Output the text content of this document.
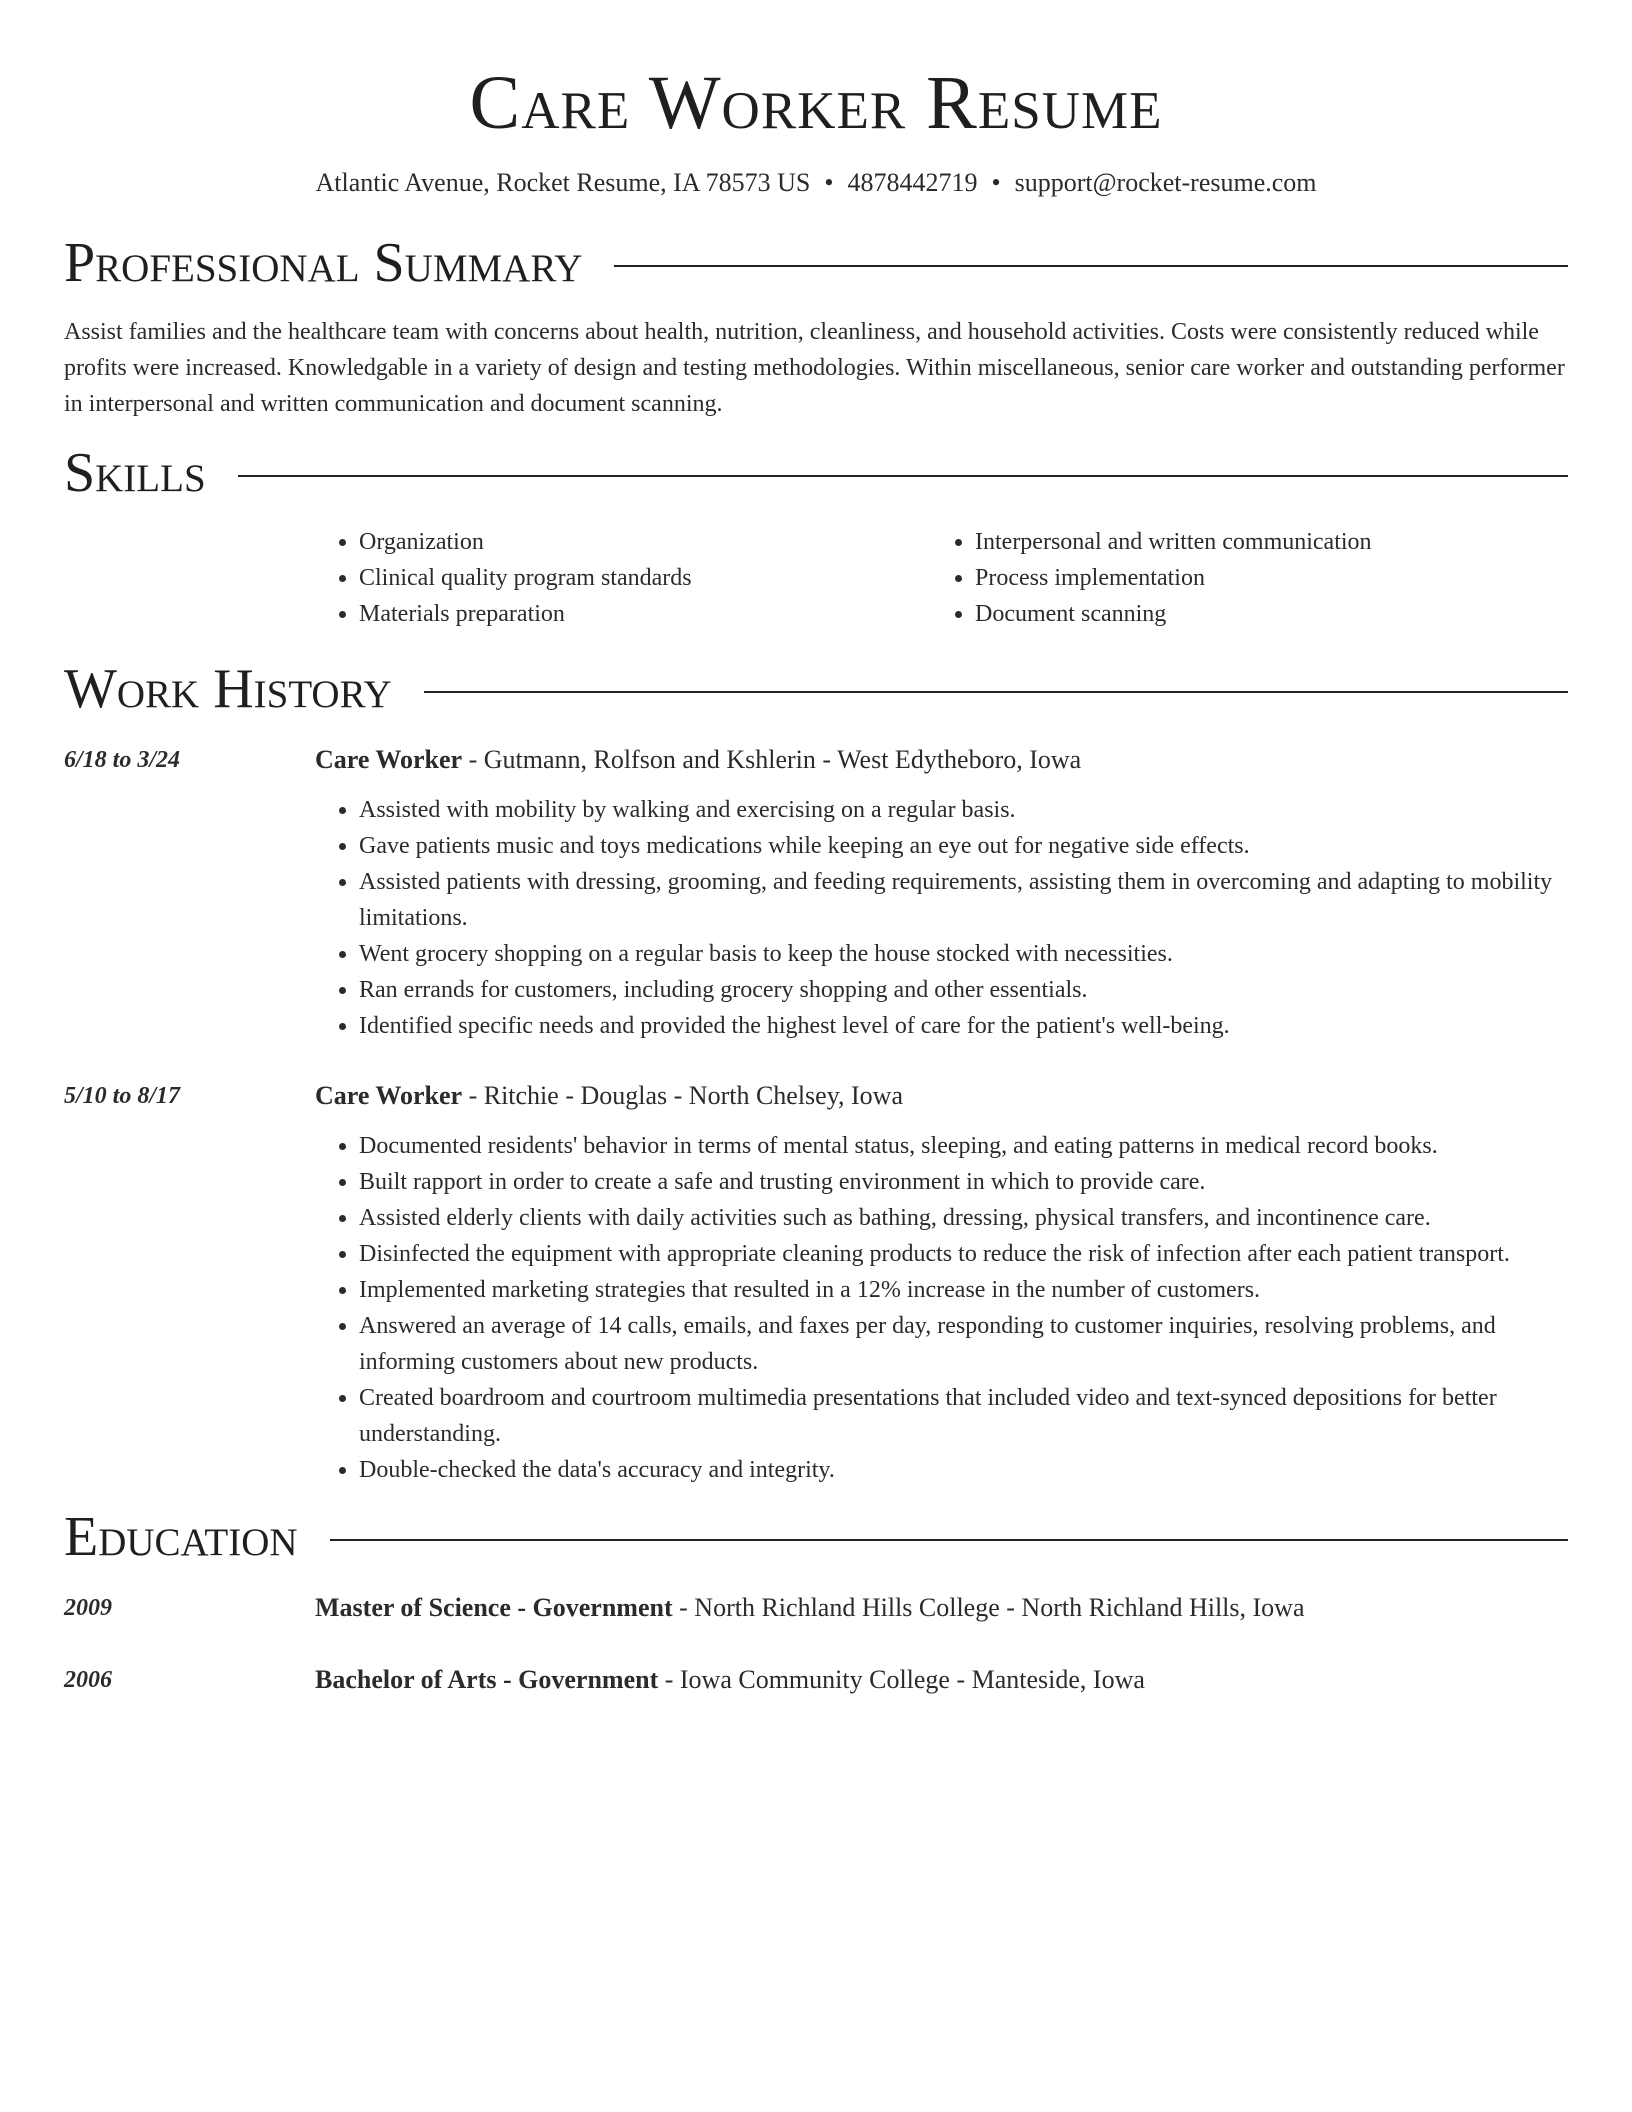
Care Worker Resume
Atlantic Avenue, Rocket Resume, IA 78573 US • 4878442719 • support@rocket-resume.com
Professional Summary

Assist families and the healthcare team with concerns about health, nutrition, cleanliness, and household activities. Costs were consistently reduced while profits were increased. Knowledgable in a variety of design and testing methodologies. Within miscellaneous, senior care worker and outstanding performer in interpersonal and written communication and document scanning.

Skills
• Organization
• Clinical quality program standards
• Materials preparation
• Interpersonal and written communication
• Process implementation
• Document scanning
Work History
6/18 to 3/24	Care Worker - Gutmann, Rolfson and Kshlerin - West Edytheboro, Iowa
• Assisted with mobility by walking and exercising on a regular basis.
• Gave patients music and toys medications while keeping an eye out for negative side effects.
• Assisted patients with dressing, grooming, and feeding requirements, assisting them in overcoming and adapting to mobility limitations.
• Went grocery shopping on a regular basis to keep the house stocked with necessities.
• Ran errands for customers, including grocery shopping and other essentials.
• Identified specific needs and provided the highest level of care for the patient's well-being.
5/10 to 8/17	Care Worker - Ritchie - Douglas - North Chelsey, Iowa
• Documented residents' behavior in terms of mental status, sleeping, and eating patterns in medical record books.
• Built rapport in order to create a safe and trusting environment in which to provide care.
• Assisted elderly clients with daily activities such as bathing, dressing, physical transfers, and incontinence care.
• Disinfected the equipment with appropriate cleaning products to reduce the risk of infection after each patient transport.
• Implemented marketing strategies that resulted in a 12% increase in the number of customers.
• Answered an average of 14 calls, emails, and faxes per day, responding to customer inquiries, resolving problems, and informing customers about new products.
• Created boardroom and courtroom multimedia presentations that included video and text-synced depositions for better understanding.
• Double-checked the data's accuracy and integrity.
Education
2009	Master of Science - Government - North Richland Hills College - North Richland Hills, Iowa
2006	Bachelor of Arts - Government - Iowa Community College - Manteside, Iowa
